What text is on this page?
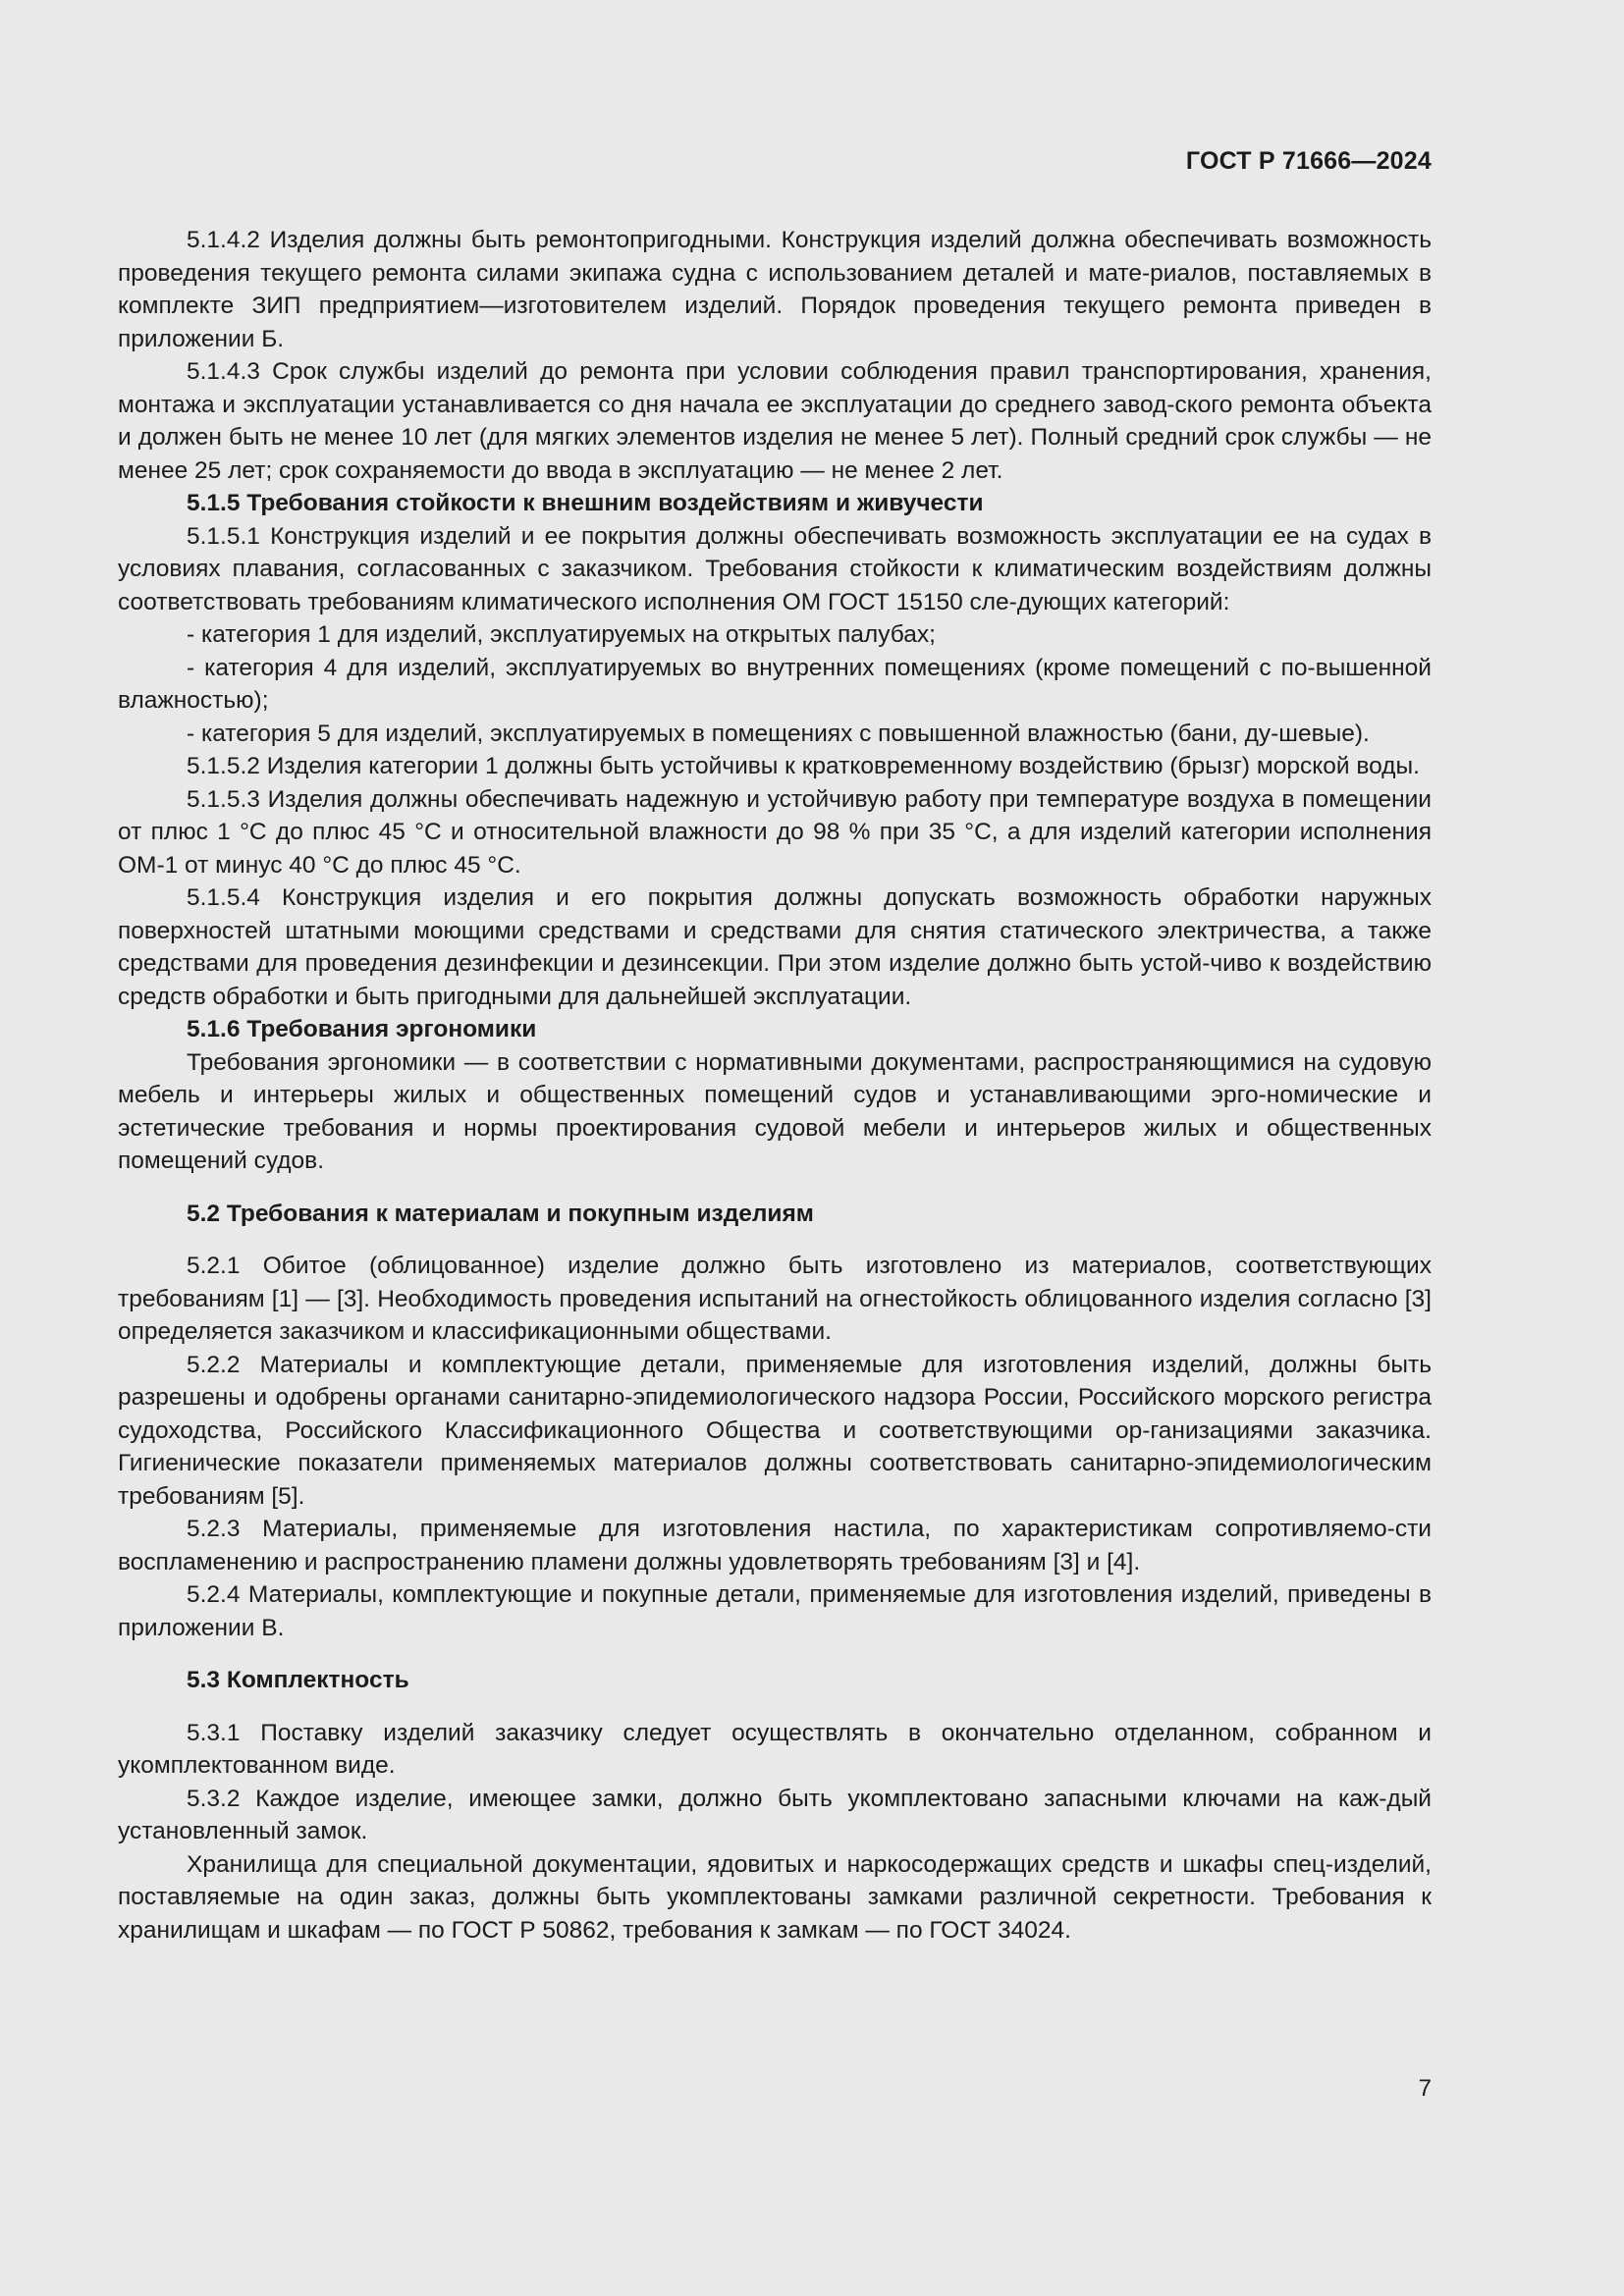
ГОСТ Р 71666—2024

5.1.4.2 Изделия должны быть ремонтопригодными. Конструкция изделий должна обеспечивать возможность проведения текущего ремонта силами экипажа судна с использованием деталей и мате-риалов, поставляемых в комплекте ЗИП предприятием—изготовителем изделий. Порядок проведения текущего ремонта приведен в приложении Б.

5.1.4.3 Срок службы изделий до ремонта при условии соблюдения правил транспортирования, хранения, монтажа и эксплуатации устанавливается со дня начала ее эксплуатации до среднего завод-ского ремонта объекта и должен быть не менее 10 лет (для мягких элементов изделия не менее 5 лет). Полный средний срок службы — не менее 25 лет; срок сохраняемости до ввода в эксплуатацию — не менее 2 лет.

5.1.5 Требования стойкости к внешним воздействиям и живучести

5.1.5.1 Конструкция изделий и ее покрытия должны обеспечивать возможность эксплуатации ее на судах в условиях плавания, согласованных с заказчиком. Требования стойкости к климатическим воздействиям должны соответствовать требованиям климатического исполнения ОМ ГОСТ 15150 сле-дующих категорий:

- категория 1 для изделий, эксплуатируемых на открытых палубах;

- категория 4 для изделий, эксплуатируемых во внутренних помещениях (кроме помещений с по-вышенной влажностью);

- категория 5 для изделий, эксплуатируемых в помещениях с повышенной влажностью (бани, ду-шевые).

5.1.5.2 Изделия категории 1 должны быть устойчивы к кратковременному воздействию (брызг) морской воды.

5.1.5.3 Изделия должны обеспечивать надежную и устойчивую работу при температуре воздуха в помещении от плюс 1 °С до плюс 45 °С и относительной влажности до 98 % при 35 °С, а для изделий категории исполнения ОМ-1 от минус 40 °С до плюс 45 °С.

5.1.5.4 Конструкция изделия и его покрытия должны допускать возможность обработки наружных поверхностей штатными моющими средствами и средствами для снятия статического электричества, а также средствами для проведения дезинфекции и дезинсекции. При этом изделие должно быть устой-чиво к воздействию средств обработки и быть пригодными для дальнейшей эксплуатации.

5.1.6 Требования эргономики

Требования эргономики — в соответствии с нормативными документами, распространяющимися на судовую мебель и интерьеры жилых и общественных помещений судов и устанавливающими эрго-номические и эстетические требования и нормы проектирования судовой мебели и интерьеров жилых и общественных помещений судов.

5.2 Требования к материалам и покупным изделиям

5.2.1 Обитое (облицованное) изделие должно быть изготовлено из материалов, соответствующих требованиям [1] — [3]. Необходимость проведения испытаний на огнестойкость облицованного изделия согласно [3] определяется заказчиком и классификационными обществами.

5.2.2 Материалы и комплектующие детали, применяемые для изготовления изделий, должны быть разрешены и одобрены органами санитарно-эпидемиологического надзора России, Российского морского регистра судоходства, Российского Классификационного Общества и соответствующими ор-ганизациями заказчика. Гигиенические показатели применяемых материалов должны соответствовать санитарно-эпидемиологическим требованиям [5].

5.2.3 Материалы, применяемые для изготовления настила, по характеристикам сопротивляемо-сти воспламенению и распространению пламени должны удовлетворять требованиям [3] и [4].

5.2.4 Материалы, комплектующие и покупные детали, применяемые для изготовления изделий, приведены в приложении В.

5.3 Комплектность

5.3.1 Поставку изделий заказчику следует осуществлять в окончательно отделанном, собранном и укомплектованном виде.

5.3.2 Каждое изделие, имеющее замки, должно быть укомплектовано запасными ключами на каж-дый установленный замок.

Хранилища для специальной документации, ядовитых и наркосодержащих средств и шкафы спец-изделий, поставляемые на один заказ, должны быть укомплектованы замками различной секретности. Требования к хранилищам и шкафам — по ГОСТ Р 50862, требования к замкам — по ГОСТ 34024.

7
